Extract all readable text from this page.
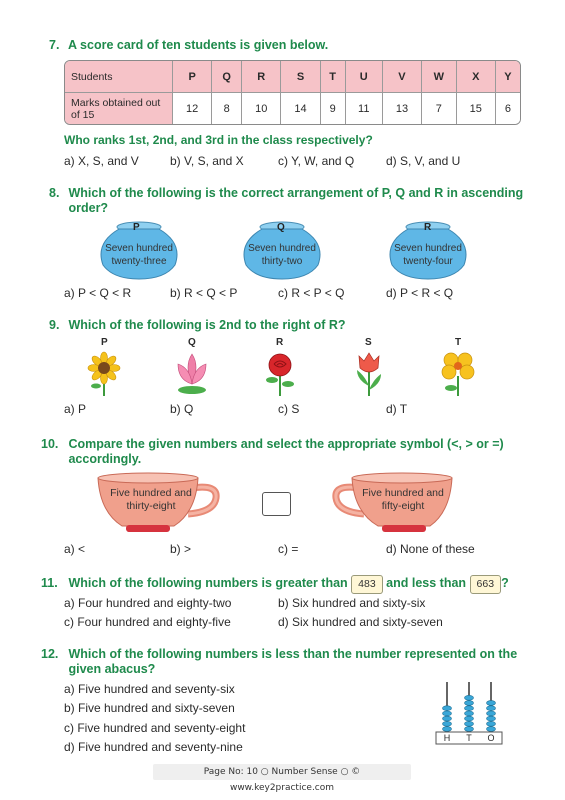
7. A score card of ten students is given below.
Students	P	Q	R	S	T	U	V	W	X	Y
Marks obtained out of 15	12	8	10	14	9	11	13	7	15	6
Who ranks 1st, 2nd, and 3rd in the class respectively?
a) X, S, and V	b) V, S, and X	c) Y, W, and Q	d) S, V, and U
8. Which of the following is the correct arrangement of P, Q and R in ascending
order?
P
Seven hundred
twenty-three
Q
Seven hundred
thirty-two
R
Seven hundred
twenty-four
a) P < Q < R	b) R < Q < P	c) R < P < Q	d) P < R < Q
9. Which of the following is 2nd to the right of R?
P	Q	R	S	T
a) P	b) Q	c) S	d) T
10. Compare the given numbers and select the appropriate symbol (<, > or =)
accordingly.
Five hundred and
thirty-eight
Five hundred and
fifty-eight
a) <	b) >	c) =	d) None of these
11. Which of the following numbers is greater than 483 and less than 663 ?
a) Four hundred and eighty-two	b) Six hundred and sixty-six
c) Four hundred and eighty-five	d) Six hundred and sixty-seven
12. Which of the following numbers is less than the number represented on the
given abacus?
a) Five hundred and seventy-six
b) Five hundred and sixty-seven
c) Five hundred and seventy-eight
d) Five hundred and seventy-nine
H	T	O
Page No: 10 ○ Number Sense ○ © www.key2practice.com
